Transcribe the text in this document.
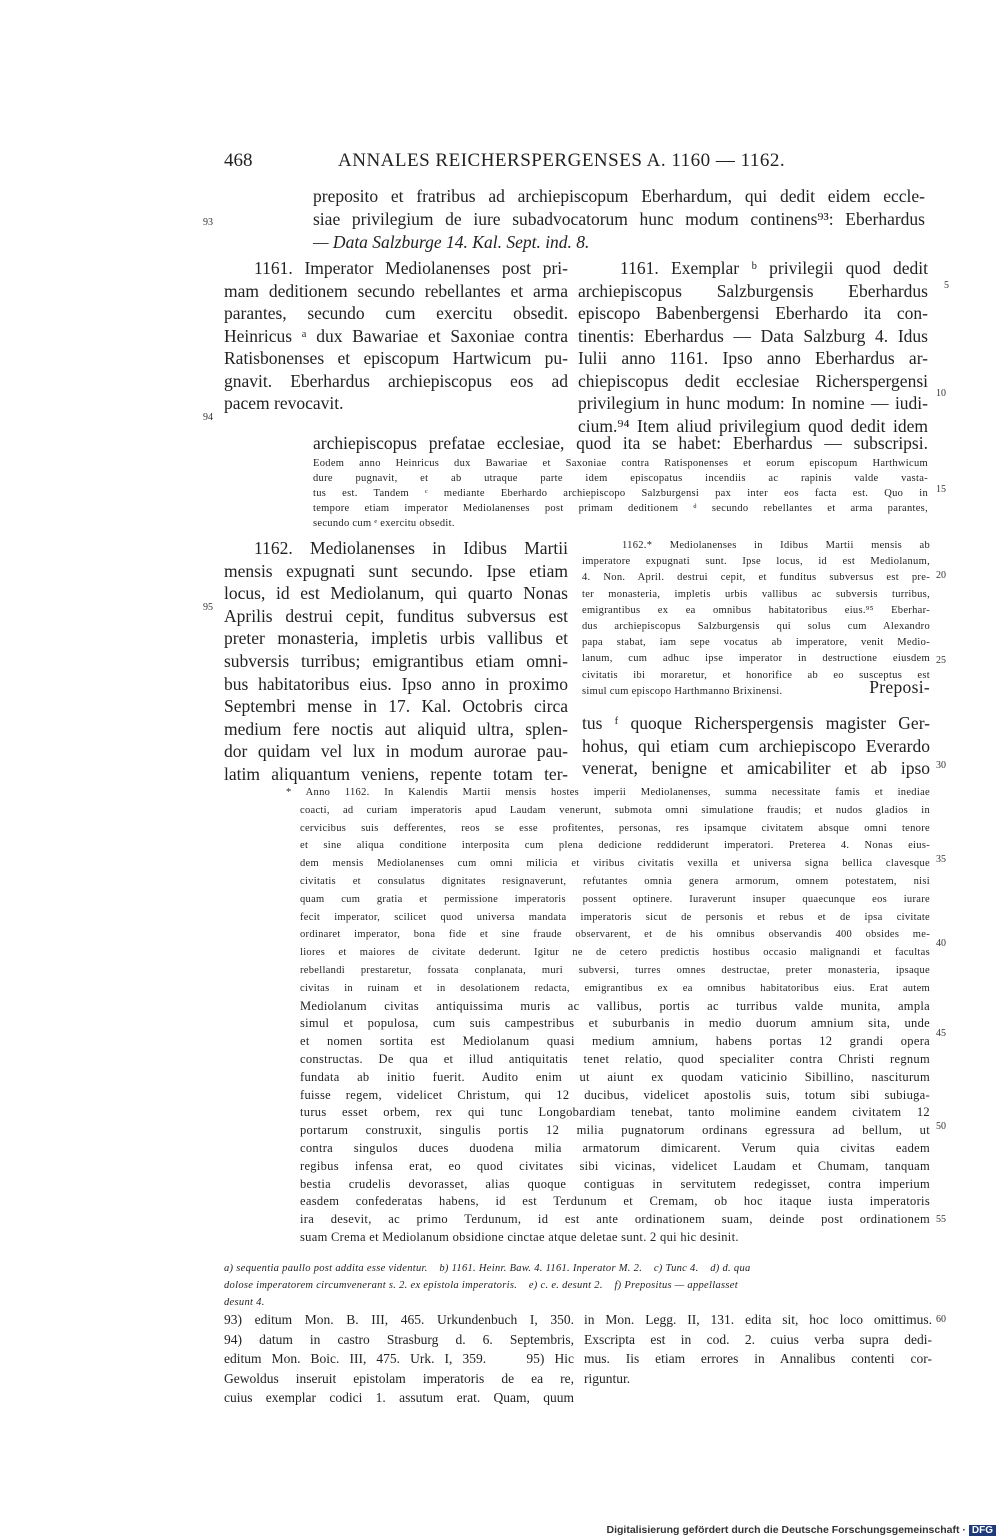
468	ANNALES REICHERSPERGENSES A. 1160 — 1162.
93
94
95
5
10
15
20
25
30
35
40
45
50
55
60
preposito et fratribus ad archiepiscopum Eberhardum, qui dedit eidem eccle-
siae privilegium de iure subadvocatorum hunc modum continens⁹³: Eberhardus
— Data Salzburge 14. Kal. Sept. ind. 8.
1161. Imperator Mediolanenses post pri-
mam deditionem secundo rebellantes et arma
parantes, secundo cum exercitu obsedit.
Heinricus ᵃ dux Bawariae et Saxoniae contra
Ratisbonenses et episcopum Hartwicum pu-
gnavit. Eberhardus archiepiscopus eos ad
pacem revocavit.
1161. Exemplar ᵇ privilegii quod dedit
archiepiscopus Salzburgensis Eberhardus
episcopo Babenbergensi Eberhardo ita con-
tinentis: Eberhardus — Data Salzburg 4. Idus
Iulii anno 1161. Ipso anno Eberhardus ar-
chiepiscopus dedit ecclesiae Richerspergensi
privilegium in hunc modum: In nomine — iudi-
cium.⁹⁴ Item aliud privilegium quod dedit idem
archiepiscopus prefatae ecclesiae, quod ita se habet: Eberhardus — subscripsi.
Eodem anno Heinricus dux Bawariae et Saxoniae contra Ratisponenses et eorum episcopum Harthwicum
dure pugnavit, et ab utraque parte idem episcopatus incendiis ac rapinis valde vasta-
tus est. Tandem ᶜ mediante Eberhardo archiepiscopo Salzburgensi pax inter eos facta est. Quo in
tempore etiam imperator Mediolanenses post primam deditionem ᵈ secundo rebellantes et arma parantes,
secundo cum ᵉ exercitu obsedit.
1162. Mediolanenses in Idibus Martii
mensis expugnati sunt secundo. Ipse etiam
locus, id est Mediolanum, qui quarto Nonas
Aprilis destrui cepit, funditus subversus est
preter monasteria, impletis urbis vallibus et
subversis turribus; emigrantibus etiam omni-
bus habitatoribus eius. Ipso anno in proximo
Septembri mense in 17. Kal. Octobris circa
medium fere noctis aut aliquid ultra, splen-
dor quidam vel lux in modum aurorae pau-
latim aliquantum veniens, repente totam ter-
1162.* Mediolanenses in Idibus Martii mensis ab
imperatore expugnati sunt. Ipse locus, id est Mediolanum,
4. Non. April. destrui cepit, et funditus subversus est pre-
ter monasteria, impletis urbis vallibus ac subversis turribus,
emigrantibus ex ea omnibus habitatoribus eius.⁹⁵ Eberhar-
dus archiepiscopus Salzburgensis qui solus cum Alexandro
papa stabat, iam sepe vocatus ab imperatore, venit Medio-
lanum, cum adhuc ipse imperator in destructione eiusdem
civitatis ibi moraretur, et honorifice ab eo susceptus est
simul cum episcopo Harthmanno Brixinensi.	Preposi-
tus ᶠ quoque Richerspergensis magister Ger-
hohus, qui etiam cum archiepiscopo Everardo
venerat, benigne et amicabiliter et ab ipso
* Anno 1162. In Kalendis Martii mensis hostes imperii Mediolanenses, summa necessitate famis et inediae
coacti, ad curiam imperatoris apud Laudam venerunt, submota omni simulatione fraudis; et nudos gladios in
cervicibus suis defferentes, reos se esse profitentes, personas, res ipsamque civitatem absque omni tenore
et sine aliqua conditione interposita cum plena dedicione reddiderunt imperatori. Preterea 4. Nonas eius-
dem mensis Mediolanenses cum omni milicia et viribus civitatis vexilla et universa signa bellica clavesque
civitatis et consulatus dignitates resignaverunt, refutantes omnia genera armorum, omnem potestatem, nisi
quam cum gratia et permissione imperatoris possent optinere. Iuraverunt insuper quaecunque eos iurare
fecit imperator, scilicet quod universa mandata imperatoris sicut de personis et rebus et de ipsa civitate
ordinaret imperator, bona fide et sine fraude observarent, et de his omnibus observandis 400 obsides me-
liores et maiores de civitate dederunt. Igitur ne de cetero predictis hostibus occasio malignandi et facultas
rebellandi prestaretur, fossata conplanata, muri subversi, turres omnes destructae, preter monasteria, ipsaque
civitas in ruinam et in desolationem redacta, emigrantibus ex ea omnibus habitatoribus eius. Erat autem
Mediolanum civitas antiquissima muris ac vallibus, portis ac turribus valde munita, ampla
simul et populosa, cum suis campestribus et suburbanis in medio duorum amnium sita, unde
et nomen sortita est Mediolanum quasi medium amnium, habens portas 12 grandi opera
constructas. De qua et illud antiquitatis tenet relatio, quod specialiter contra Christi regnum
fundata ab initio fuerit. Audito enim ut aiunt ex quodam vaticinio Sibillino, nasciturum
fuisse regem, videlicet Christum, qui 12 ducibus, videlicet apostolis suis, totum sibi subiuga-
turus esset orbem, rex qui tunc Longobardiam tenebat, tanto molimine eandem civitatem 12
portarum construxit, singulis portis 12 milia pugnatorum ordinans egressura ad bellum, ut
contra singulos duces duodena milia armatorum dimicarent. Verum quia civitas eadem
regibus infensa erat, eo quod civitates sibi vicinas, videlicet Laudam et Chumam, tanquam
bestia crudelis devorasset, alias quoque contiguas in servitutem redegisset, contra imperium
easdem confederatas habens, id est Terdunum et Cremam, ob hoc itaque iusta imperatoris
ira desevit, ac primo Terdunum, id est ante ordinationem suam, deinde post ordinationem
suam Crema et Mediolanum obsidione cinctae atque deletae sunt. 2 qui hic desinit.
a) sequentia paullo post addita esse videntur.    b) 1161. Heinr. Baw. 4. 1161. Inperator M. 2.    c) Tunc 4.    d) d. qua
dolose imperatorem circumvenerant s. 2. ex epistola imperatoris.    e) c. e. desunt 2.    f) Prepositus — appellasset
desunt 4.
93) editum Mon. B. III, 465. Urkundenbuch I, 350.
94) datum in castro Strasburg d. 6. Septembris,
editum Mon. Boic. III, 475. Urk. I, 359.    95) Hic
Gewoldus inseruit epistolam imperatoris de ea re,
cuius exemplar codici 1. assutum erat. Quam, quum
in Mon. Legg. II, 131. edita sit, hoc loco omittimus.
Exscripta est in cod. 2. cuius verba supra dedi-
mus. Iis etiam errores in Annalibus contenti cor-
riguntur.
Digitalisierung gefördert durch die Deutsche Forschungsgemeinschaft · DFG
